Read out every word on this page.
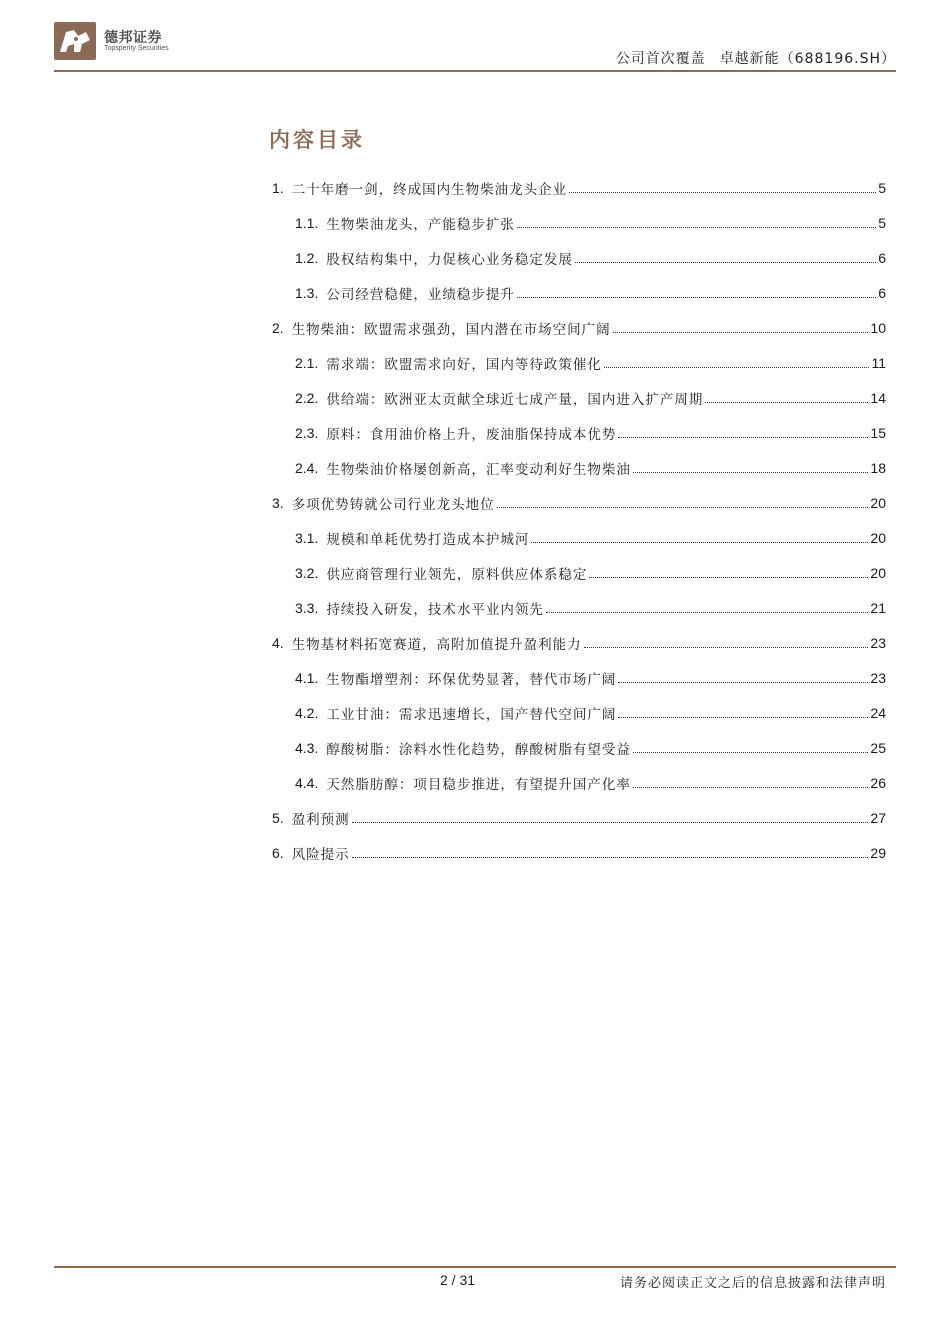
德邦证券
Topsperity Securities
公司首次覆盖 卓越新能（688196.SH）
内容目录
1. 二十年磨一剑，终成国内生物柴油龙头企业	5
1.1. 生物柴油龙头，产能稳步扩张	5
1.2. 股权结构集中，力促核心业务稳定发展	6
1.3. 公司经营稳健，业绩稳步提升	6
2. 生物柴油：欧盟需求强劲，国内潜在市场空间广阔	10
2.1. 需求端：欧盟需求向好，国内等待政策催化	11
2.2. 供给端：欧洲亚太贡献全球近七成产量，国内进入扩产周期	14
2.3. 原料：食用油价格上升，废油脂保持成本优势	15
2.4. 生物柴油价格屡创新高，汇率变动利好生物柴油	18
3. 多项优势铸就公司行业龙头地位	20
3.1. 规模和单耗优势打造成本护城河	20
3.2. 供应商管理行业领先，原料供应体系稳定	20
3.3. 持续投入研发，技术水平业内领先	21
4. 生物基材料拓宽赛道，高附加值提升盈利能力	23
4.1. 生物酯增塑剂：环保优势显著，替代市场广阔	23
4.2. 工业甘油：需求迅速增长，国产替代空间广阔	24
4.3. 醇酸树脂：涂料水性化趋势，醇酸树脂有望受益	25
4.4. 天然脂肪醇：项目稳步推进，有望提升国产化率	26
5. 盈利预测	27
6. 风险提示	29
2 / 31	请务必阅读正文之后的信息披露和法律声明
